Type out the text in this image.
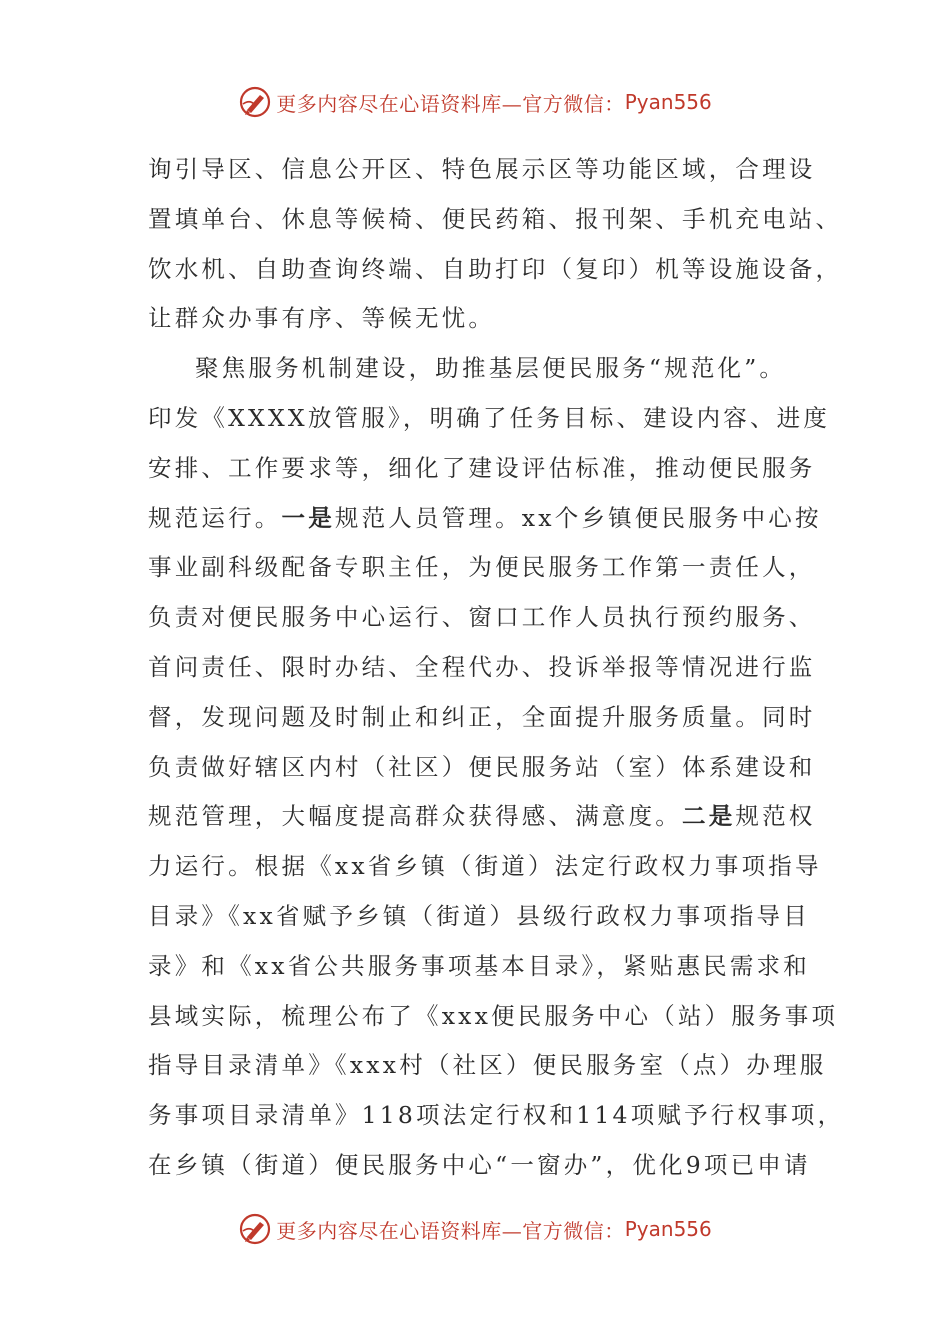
更多内容尽在心语资料库—官方微信： Pyan556
询引导区、信息公开区、特色展示区等功能区域，合理设
置填单台、休息等候椅、便民药箱、报刊架、手机充电站、
饮水机、自助查询终端、自助打印（复印）机等设施设备，
让群众办事有序、等候无忧。
聚焦服务机制建设，助推基层便民服务“规范化”。
印发《XXXX放管服》，明确了任务目标、建设内容、进度
安排、工作要求等，细化了建设评估标准，推动便民服务
规范运行。一是规范人员管理。xx个乡镇便民服务中心按
事业副科级配备专职主任，为便民服务工作第一责任人，
负责对便民服务中心运行、窗口工作人员执行预约服务、
首问责任、限时办结、全程代办、投诉举报等情况进行监
督，发现问题及时制止和纠正，全面提升服务质量。同时
负责做好辖区内村（社区）便民服务站（室）体系建设和
规范管理，大幅度提高群众获得感、满意度。二是规范权
力运行。根据《xx省乡镇（街道）法定行政权力事项指导
目录》《xx省赋予乡镇（街道）县级行政权力事项指导目
录》和《xx省公共服务事项基本目录》，紧贴惠民需求和
县域实际，梳理公布了《xxx便民服务中心（站）服务事项
指导目录清单》《xxx村（社区）便民服务室（点）办理服
务事项目录清单》118项法定行权和114项赋予行权事项，
在乡镇（街道）便民服务中心“一窗办”，优化9项已申请
更多内容尽在心语资料库—官方微信： Pyan556
